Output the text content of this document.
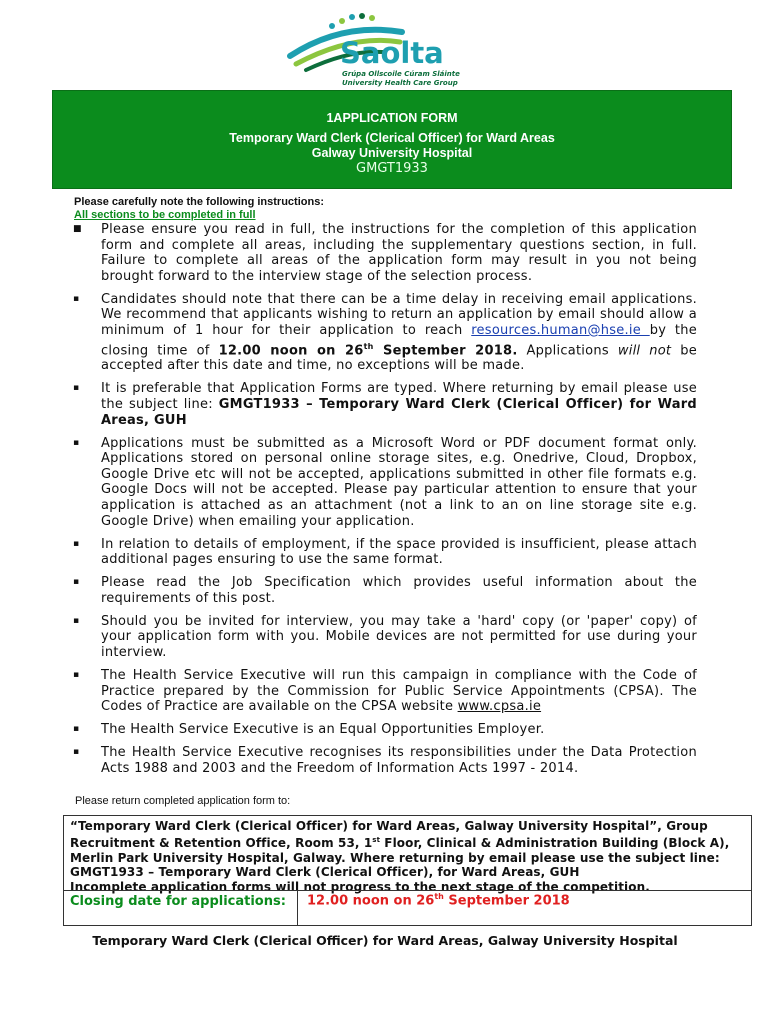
Saolta
Grúpa Ollscoile Cúram Sláinte
University Health Care Group
1APPLICATION FORM
Temporary Ward Clerk (Clerical Officer) for Ward Areas
Galway University Hospital
GMGT1933
Please carefully note the following instructions:
All sections to be completed in full
■ Please ensure you read in full, the instructions for the completion of this application form and complete all areas, including the supplementary questions section, in full. Failure to complete all areas of the application form may result in you not being brought forward to the interview stage of the selection process.
▪ Candidates should note that there can be a time delay in receiving email applications. We recommend that applicants wishing to return an application by email should allow a minimum of 1 hour for their application to reach resources.human@hse.ie by the closing time of 12.00 noon on 26th September 2018. Applications will not be accepted after this date and time, no exceptions will be made.
▪ It is preferable that Application Forms are typed. Where returning by email please use the subject line: GMGT1933 – Temporary Ward Clerk (Clerical Officer) for Ward Areas, GUH
▪ Applications must be submitted as a Microsoft Word or PDF document format only. Applications stored on personal online storage sites, e.g. Onedrive, Cloud, Dropbox, Google Drive etc will not be accepted, applications submitted in other file formats e.g. Google Docs will not be accepted. Please pay particular attention to ensure that your application is attached as an attachment (not a link to an on line storage site e.g. Google Drive) when emailing your application.
▪ In relation to details of employment, if the space provided is insufficient, please attach additional pages ensuring to use the same format.
▪ Please read the Job Specification which provides useful information about the requirements of this post.
▪ Should you be invited for interview, you may take a 'hard' copy (or 'paper' copy) of your application form with you. Mobile devices are not permitted for use during your interview.
▪ The Health Service Executive will run this campaign in compliance with the Code of Practice prepared by the Commission for Public Service Appointments (CPSA). The Codes of Practice are available on the CPSA website www.cpsa.ie
▪ The Health Service Executive is an Equal Opportunities Employer.
▪ The Health Service Executive recognises its responsibilities under the Data Protection Acts 1988 and 2003 and the Freedom of Information Acts 1997 - 2014.
Please return completed application form to:
“Temporary Ward Clerk (Clerical Officer) for Ward Areas, Galway University Hospital”, Group Recruitment & Retention Office, Room 53, 1st Floor, Clinical & Administration Building (Block A), Merlin Park University Hospital, Galway. Where returning by email please use the subject line: GMGT1933 – Temporary Ward Clerk (Clerical Officer), for Ward Areas, GUH
Incomplete application forms will not progress to the next stage of the competition.
Closing date for applications:	12.00 noon on 26th September 2018
Temporary Ward Clerk (Clerical Officer) for Ward Areas, Galway University Hospital
